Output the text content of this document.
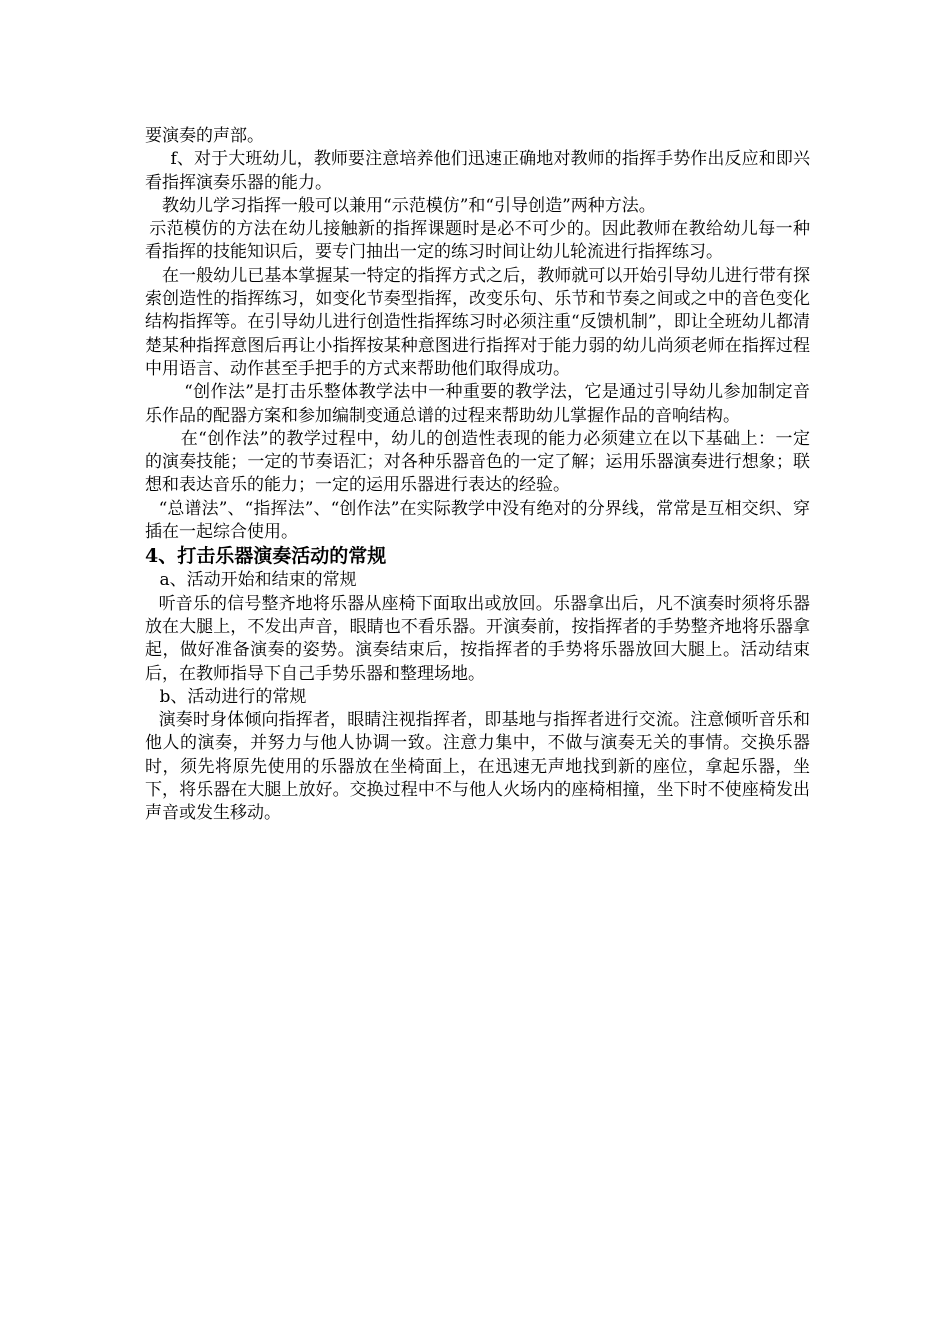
要演奏的声部。

f、对于大班幼儿，教师要注意培养他们迅速正确地对教师的指挥手势作出反应和即兴看指挥演奏乐器的能力。

教幼儿学习指挥一般可以兼用“示范模仿”和“引导创造”两种方法。

示范模仿的方法在幼儿接触新的指挥课题时是必不可少的。因此教师在教给幼儿每一种看指挥的技能知识后，要专门抽出一定的练习时间让幼儿轮流进行指挥练习。

在一般幼儿已基本掌握某一特定的指挥方式之后，教师就可以开始引导幼儿进行带有探索创造性的指挥练习，如变化节奏型指挥，改变乐句、乐节和节奏之间或之中的音色变化结构指挥等。在引导幼儿进行创造性指挥练习时必须注重“反馈机制”，即让全班幼儿都清楚某种指挥意图后再让小指挥按某种意图进行指挥对于能力弱的幼儿尚须老师在指挥过程中用语言、动作甚至手把手的方式来帮助他们取得成功。

“创作法”是打击乐整体教学法中一种重要的教学法，它是通过引导幼儿参加制定音乐作品的配器方案和参加编制变通总谱的过程来帮助幼儿掌握作品的音响结构。

在“创作法”的教学过程中，幼儿的创造性表现的能力必须建立在以下基础上：一定的演奏技能；一定的节奏语汇；对各种乐器音色的一定了解；运用乐器演奏进行想象；联想和表达音乐的能力；一定的运用乐器进行表达的经验。

“总谱法”、“指挥法”、“创作法”在实际教学中没有绝对的分界线，常常是互相交织、穿插在一起综合使用。

4、打击乐器演奏活动的常规

a、活动开始和结束的常规

听音乐的信号整齐地将乐器从座椅下面取出或放回。乐器拿出后，凡不演奏时须将乐器放在大腿上，不发出声音，眼睛也不看乐器。开演奏前，按指挥者的手势整齐地将乐器拿起，做好准备演奏的姿势。演奏结束后，按指挥者的手势将乐器放回大腿上。活动结束后，在教师指导下自己手势乐器和整理场地。

b、活动进行的常规

演奏时身体倾向指挥者，眼睛注视指挥者，即基地与指挥者进行交流。注意倾听音乐和他人的演奏，并努力与他人协调一致。注意力集中，不做与演奏无关的事情。交换乐器时，须先将原先使用的乐器放在坐椅面上，在迅速无声地找到新的座位，拿起乐器，坐下，将乐器在大腿上放好。交换过程中不与他人火场内的座椅相撞，坐下时不使座椅发出声音或发生移动。
